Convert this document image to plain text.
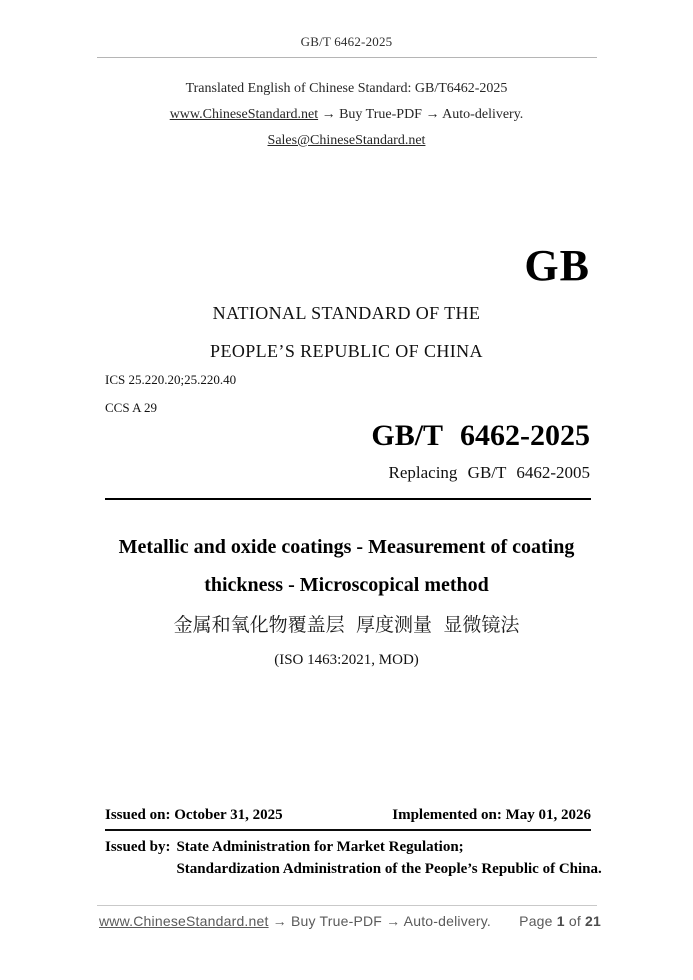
GB/T 6462-2025
Translated English of Chinese Standard: GB/T6462-2025
www.ChineseStandard.net → Buy True-PDF → Auto-delivery.
Sales@ChineseStandard.net
GB
NATIONAL STANDARD OF THE
PEOPLE’S REPUBLIC OF CHINA
ICS 25.220.20;25.220.40
CCS A 29
GB/T 6462-2025
Replacing GB/T 6462-2005
Metallic and oxide coatings - Measurement of coating
thickness - Microscopical method
金属和氧化物覆盖层 厚度测量 显微镜法
(ISO 1463:2021, MOD)
Issued on: October 31, 2025	Implemented on: May 01, 2026
Issued by: State Administration for Market Regulation;
Standardization Administration of the People’s Republic of China.
www.ChineseStandard.net → Buy True-PDF → Auto-delivery. Page 1 of 21
